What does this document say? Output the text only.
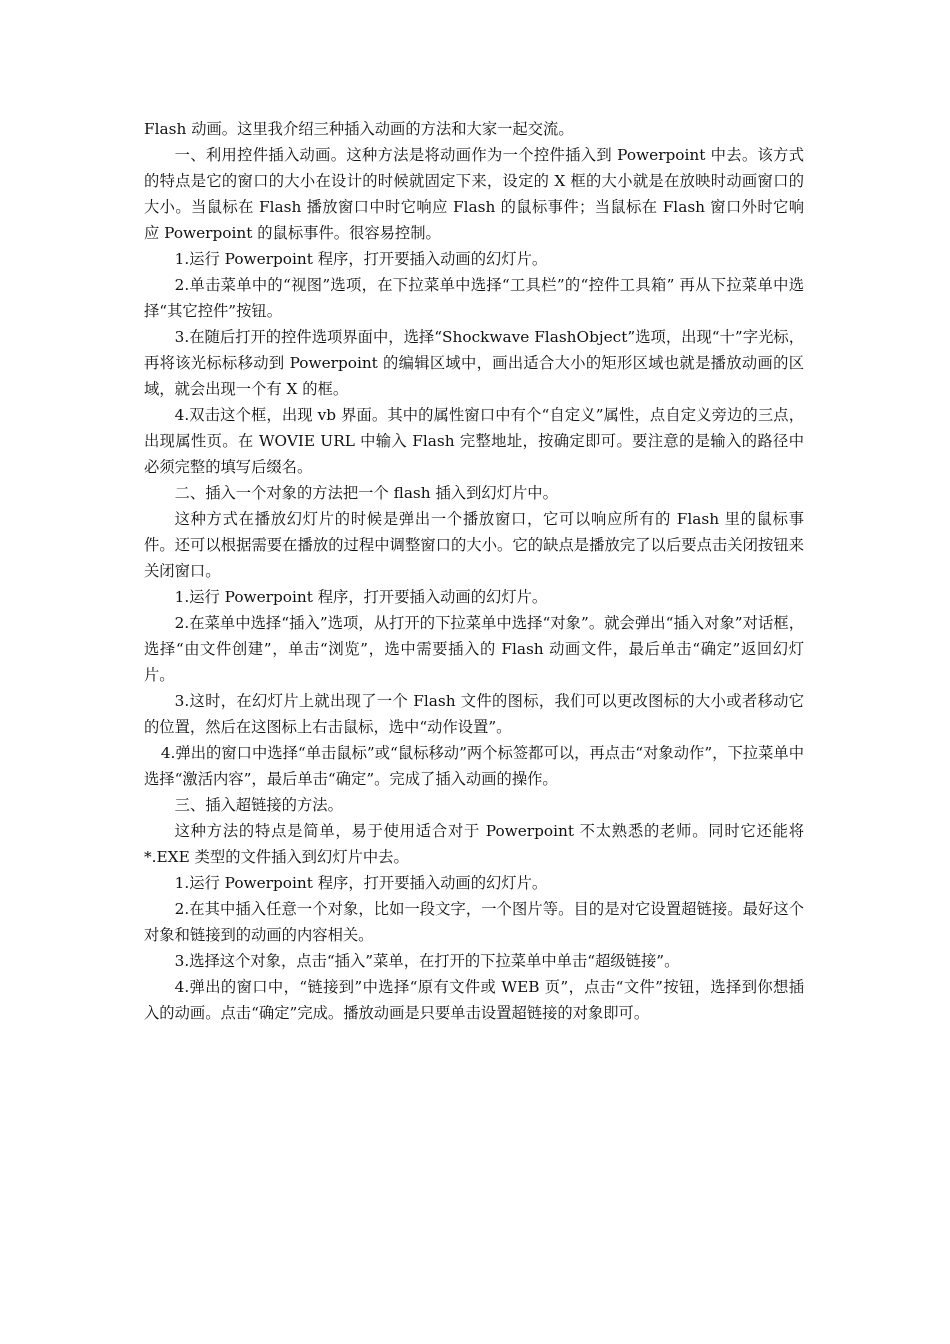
Flash 动画。这里我介绍三种插入动画的方法和大家一起交流。

一、利用控件插入动画。这种方法是将动画作为一个控件插入到 Powerpoint 中去。该方式的特点是它的窗口的大小在设计的时候就固定下来，设定的 X 框的大小就是在放映时动画窗口的大小。当鼠标在 Flash 播放窗口中时它响应 Flash 的鼠标事件；当鼠标在 Flash 窗口外时它响应 Powerpoint 的鼠标事件。很容易控制。

1.运行 Powerpoint 程序，打开要插入动画的幻灯片。

2.单击菜单中的“视图”选项，在下拉菜单中选择“工具栏”的“控件工具箱” 再从下拉菜单中选择“其它控件”按钮。

3.在随后打开的控件选项界面中，选择“Shockwave FlashObject”选项，出现“十”字光标，再将该光标标移动到 Powerpoint 的编辑区域中，画出适合大小的矩形区域也就是播放动画的区域，就会出现一个有 X 的框。

4.双击这个框，出现 vb 界面。其中的属性窗口中有个“自定义”属性，点自定义旁边的三点，出现属性页。在 WOVIE URL 中输入 Flash 完整地址，按确定即可。要注意的是输入的路径中必须完整的填写后缀名。

二、插入一个对象的方法把一个 flash 插入到幻灯片中。

这种方式在播放幻灯片的时候是弹出一个播放窗口，它可以响应所有的 Flash 里的鼠标事件。还可以根据需要在播放的过程中调整窗口的大小。它的缺点是播放完了以后要点击关闭按钮来关闭窗口。

1.运行 Powerpoint 程序，打开要插入动画的幻灯片。

2.在菜单中选择“插入”选项，从打开的下拉菜单中选择“对象”。就会弹出“插入对象”对话框，选择“由文件创建”，单击“浏览”，选中需要插入的 Flash 动画文件，最后单击“确定”返回幻灯片。

3.这时，在幻灯片上就出现了一个 Flash 文件的图标，我们可以更改图标的大小或者移动它的位置，然后在这图标上右击鼠标，选中“动作设置”。

4.弹出的窗口中选择“单击鼠标”或“鼠标移动”两个标签都可以，再点击“对象动作”，下拉菜单中选择“激活内容”，最后单击“确定”。完成了插入动画的操作。

三、插入超链接的方法。

这种方法的特点是简单，易于使用适合对于 Powerpoint 不太熟悉的老师。同时它还能将*.EXE 类型的文件插入到幻灯片中去。

1.运行 Powerpoint 程序，打开要插入动画的幻灯片。

2.在其中插入任意一个对象，比如一段文字，一个图片等。目的是对它设置超链接。最好这个对象和链接到的动画的内容相关。

3.选择这个对象，点击“插入”菜单，在打开的下拉菜单中单击“超级链接”。

4.弹出的窗口中，“链接到”中选择“原有文件或 WEB 页”，点击“文件”按钮，选择到你想插入的动画。点击“确定”完成。播放动画是只要单击设置超链接的对象即可。
